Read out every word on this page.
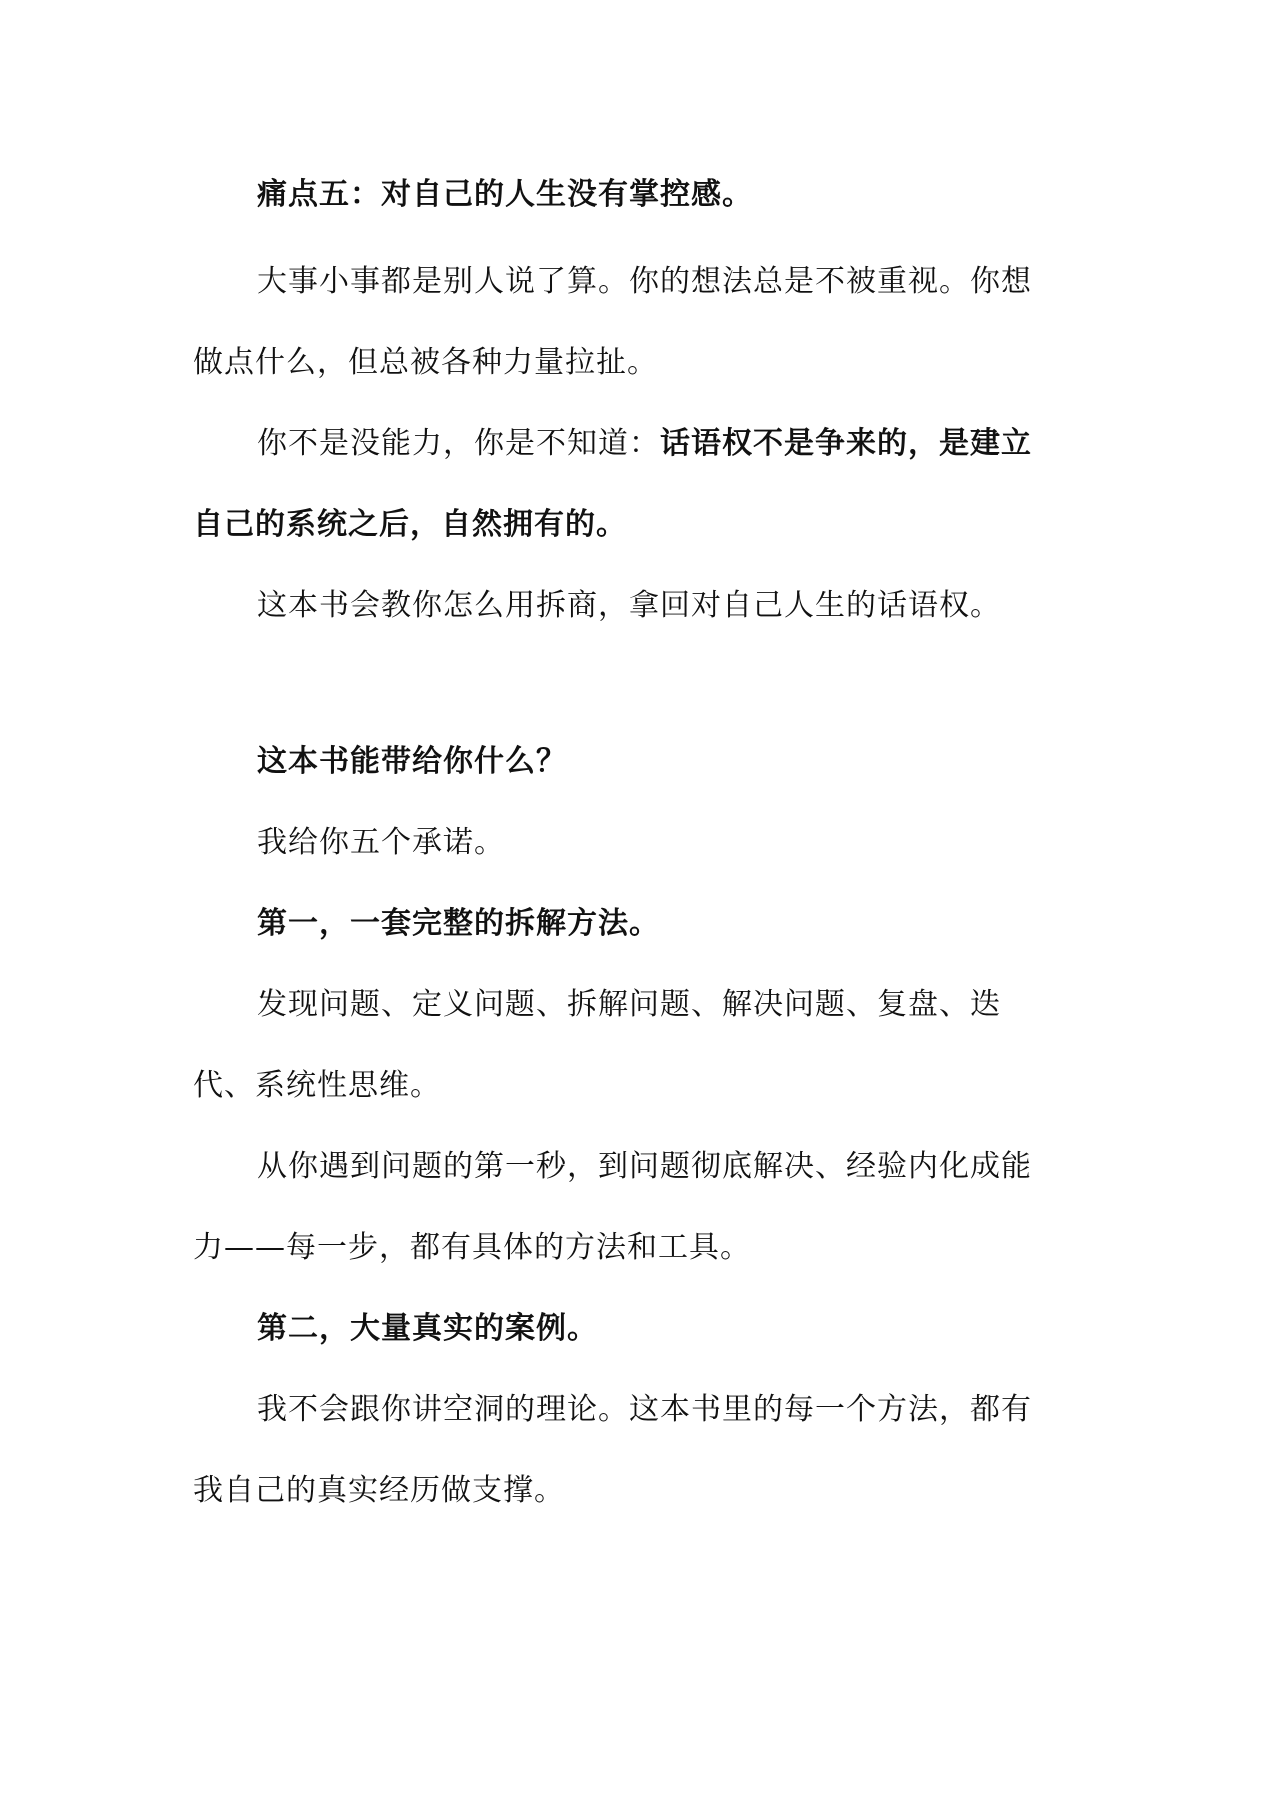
痛点五：对自己的人生没有掌控感。

大事小事都是别人说了算。你的想法总是不被重视。你想

做点什么，但总被各种力量拉扯。

你不是没能力，你是不知道：话语权不是争来的，是建立

自己的系统之后，自然拥有的。

这本书会教你怎么用拆商，拿回对自己人生的话语权。

这本书能带给你什么？

我给你五个承诺。

第一，一套完整的拆解方法。

发现问题、定义问题、拆解问题、解决问题、复盘、迭

代、系统性思维。

从你遇到问题的第一秒，到问题彻底解决、经验内化成能

力——每一步，都有具体的方法和工具。

第二，大量真实的案例。

我不会跟你讲空洞的理论。这本书里的每一个方法，都有

我自己的真实经历做支撑。
